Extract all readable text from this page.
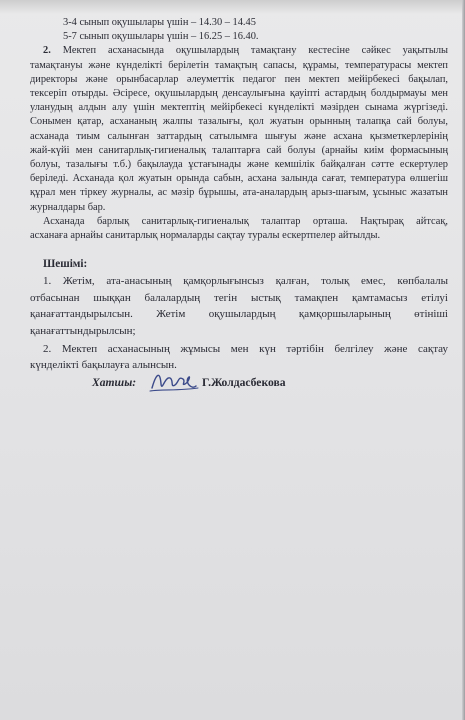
3-4 сынып оқушылары үшін – 14.30 – 14.45
5-7 сынып оқушылары үшін – 16.25 – 16.40.
2. Мектеп асханасында оқушылардың тамақтану кестесіне сәйкес уақытылы
тамақтануы және күнделікті берілетін тамақтың сапасы, құрамы, температурасы мектеп
директоры және орынбасарлар әлеуметтік педагог пен мектеп мейірбекесі бақылап,
тексеріп отырды. Әсіресе, оқушылардың денсаулығына қауіпті астардың болдырмауы мен
уланудың алдын алу үшін мектептің мейірбекесі күнделікті мәзірден сынама жүргізеді.
Сонымен қатар, асхананың жалпы тазалығы, қол жуатын орынның талапқа сай болуы,
асханада тиым салынған заттардың сатылымға шығуы және асхана қызметкерлерінің
жай-күйі мен санитарлық-гигиеналық талаптарға сай болуы (арнайы киім формасының
болуы, тазалығы т.б.) бақылауда ұстағынады және кемшілік байқалған сәтте ескертулер
беріледі. Асханада қол жуатын орында сабын, асхана залында сағат, температура өлшегіш
құрал мен тіркеу журналы, ас мәзір бұрышы, ата-аналардың арыз-шағым, ұсыныс жазатын
журналдары бар.
Асханада барлық санитарлық-гигиеналық талаптар орташа. Нақтырақ айтсақ,
асханаға арнайы санитарлық нормаларды сақтау туралы ескертпелер айтылды.
Шешімі:
1. Жетім, ата-анасының қамқорлығынсыз қалған, толық емес, көпбалалы
отбасынан шыққан балалардың тегін ыстық тамақпен қамтамасыз етілуі
қанағаттандырылсын. Жетім оқушылардың қамқоршыларының өтініші
қанағаттындырылсын;
2. Мектеп асханасының жұмысы мен күн тәртібін белгілеу және сақтау
күнделікті бақылауға алынсын.
Хатшы:	Г.Жолдасбекова
